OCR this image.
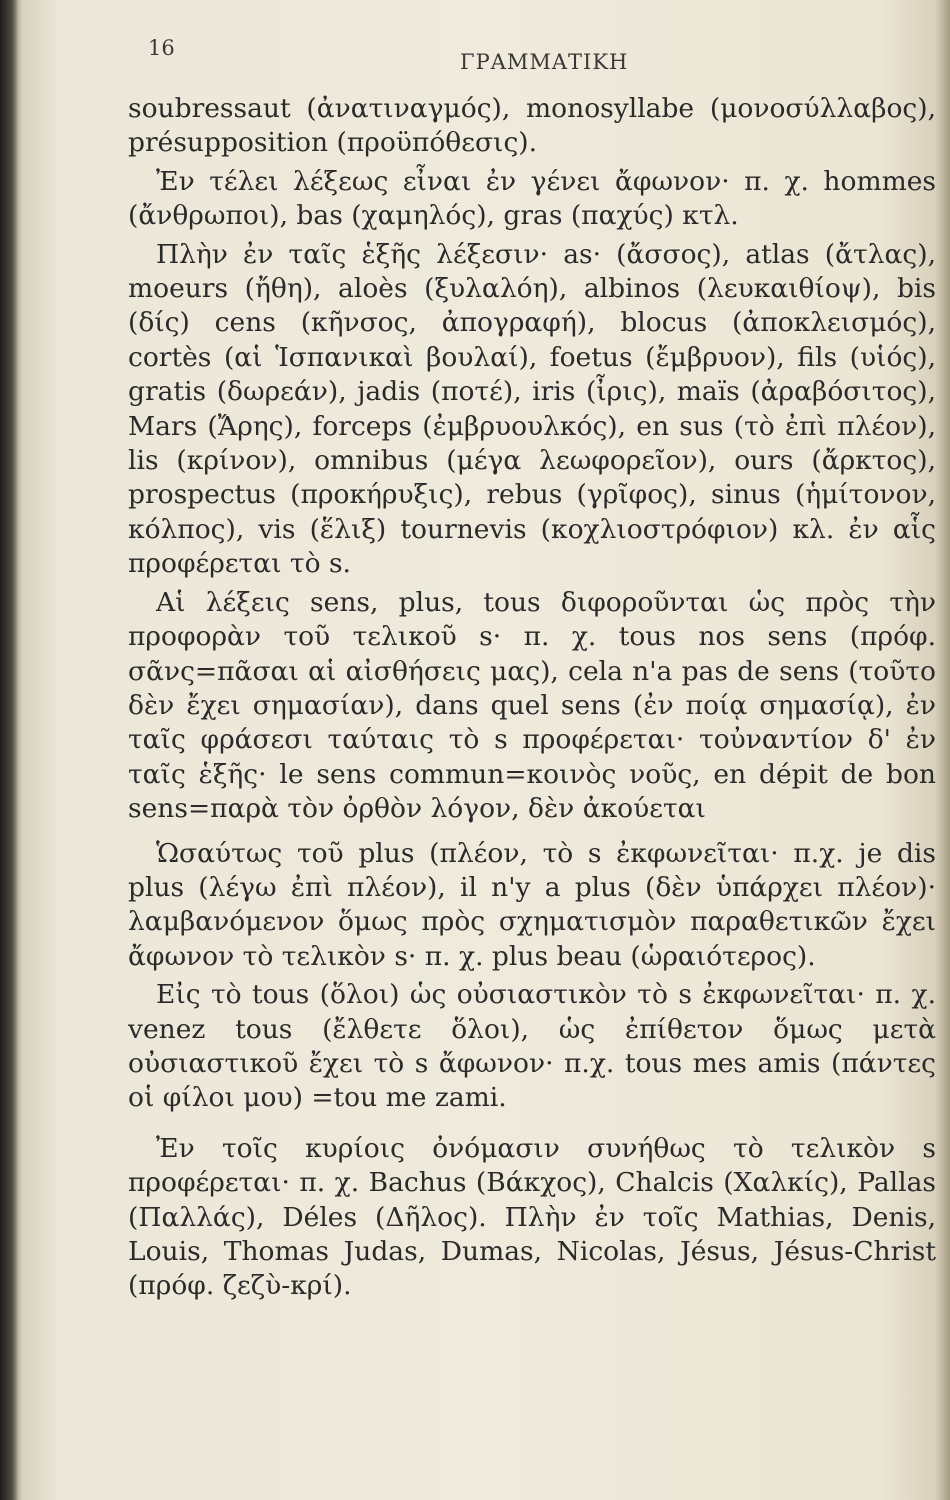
16
ΓΡΑΜΜΑΤΙΚΗ

soubressaut (ἀνατιναγμός), monosyllabe (μονοσύλλαβος), présupposition (προϋπόθεσις).

Ἐν τέλει λέξεως εἶναι ἐν γένει ἄφωνον· π. χ. hommes (ἄνθρωποι), bas (χαμηλός), gras (παχύς) κτλ.

Πλὴν ἐν ταῖς ἑξῆς λέξεσιν· as· (ἄσσος), atlas (ἄτλας), moeurs (ἤθη), aloès (ξυλαλόη), albinos (λευκαιθίοψ), bis (δίς) cens (κῆνσος, ἀπογραφή), blocus (ἀποκλεισμός), cortès (αἱ Ἱσπανικαὶ βουλαί), foetus (ἔμβρυον), fils (υἱός), gratis (δωρεάν), jadis (ποτέ), iris (ἶρις), maïs (ἀραβόσιτος), Mars (Ἄρης), forceps (ἐμβρυουλκός), en sus (τὸ ἐπὶ πλέον), lis (κρίνον), omnibus (μέγα λεωφορεῖον), ours (ἄρκτος), prospectus (προκήρυξις), rebus (γρῖφος), sinus (ἡμίτονον, κόλπος), vis (ἕλιξ) tournevis (κοχλιοστρόφιον) κλ. ἐν αἷς προφέρεται τὸ s.

Αἱ λέξεις sens, plus, tous διφοροῦνται ὡς πρὸς τὴν προφορὰν τοῦ τελικοῦ s· π. χ. tous nos sens (πρόφ. σᾶνς=πᾶσαι αἱ αἰσθήσεις μας), cela n'a pas de sens (τοῦτο δὲν ἔχει σημασίαν), dans quel sens (ἐν ποίᾳ σημασίᾳ), ἐν ταῖς φράσεσι ταύταις τὸ s προφέρεται· τοὐναντίον δ' ἐν ταῖς ἑξῆς· le sens commun=κοινὸς νοῦς, en dépit de bon sens=παρὰ τὸν ὀρθὸν λόγον, δὲν ἀκούεται

Ὡσαύτως τοῦ plus (πλέον, τὸ s ἐκφωνεῖται· π.χ. je dis plus (λέγω ἐπὶ πλέον), il n'y a plus (δὲν ὑπάρχει πλέον)· λαμβανόμενον ὅμως πρὸς σχηματισμὸν παραθετικῶν ἔχει ἄφωνον τὸ τελικὸν s· π. χ. plus beau (ὡραιότερος).

Εἰς τὸ tous (ὅλοι) ὡς οὐσιαστικὸν τὸ s ἐκφωνεῖται· π. χ. venez tous (ἔλθετε ὅλοι), ὡς ἐπίθετον ὅμως μετὰ οὐσιαστικοῦ ἔχει τὸ s ἄφωνον· π.χ. tous mes amis (πάντες οἱ φίλοι μου) =tou me zami.

Ἐν τοῖς κυρίοις ὀνόμασιν συνήθως τὸ τελικὸν s προφέρεται· π. χ. Bachus (Βάκχος), Chalcis (Χαλκίς), Pallas (Παλλάς), Déles (Δῆλος). Πλὴν ἐν τοῖς Mathias, Denis, Louis, Thomas Judas, Dumas, Nicolas, Jésus, Jésus-Christ (πρόφ. ζεζὺ-κρί).
